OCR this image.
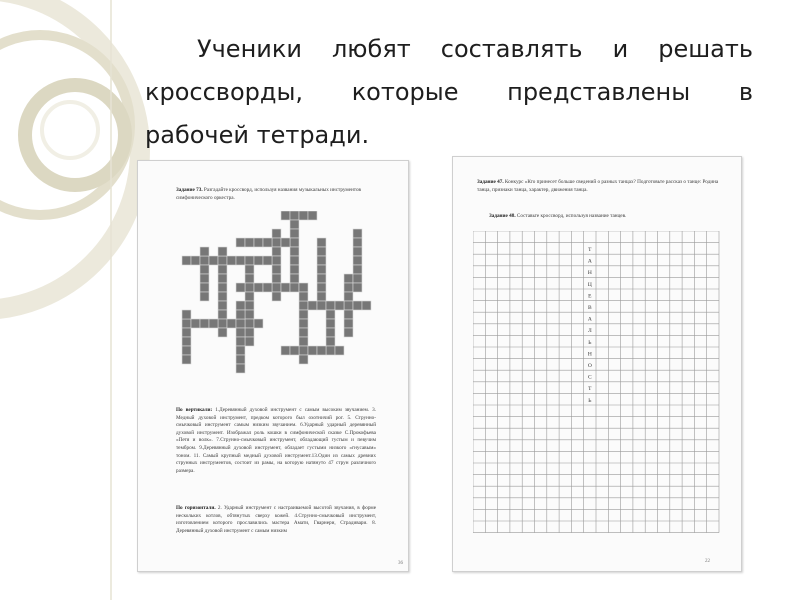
Ученики любят составлять и решать
кроссворды, которые представлены в
рабочей тетради.
Задание 73. Разгадайте кроссворд, используя названия музыкальных инструментов симфонического оркестра.
По вертикали: 1.Деревянный духовой инструмент с самым высоким звучанием. 3. Медный духовой инструмент, предком которого был охотничий рог. 5. Струнно-смычковый инструмент самым низким звучанием. 6.Ударный ударный деревянный духовой инструмент. Изображал роль кошки в симфонической сказке С.Прокофьева «Петя и волк». 7.Струнно-смычковый инструмент, обладающий густым и певучим тембром. 9.Деревянный духовой инструмент, обладает густыми низкого «гнусавым» тоном. 11. Самый крупный медный духовой инструмент.13.Один из самых древних струнных инструментов, состоит из рамы, на которую натянуто 47 струн различного размера.
По горизонтали. 2. Ударный инструмент с настраиваемой высотой звучания, в форме нескольких котлов, обтянутых сверху кожей. 4.Струнно-смычковый инструмент, изготовлением которого прославились мастера Амати, Гварнери, Страдивари. 8. Деревянный духовой инструмент с самым низким
36
Задание 47. Конкурс «Кто принесет больше сведений о разных танцах? Подготовьте рассказ о танце: Родина танца, признаки танца, характер, движения танца.
Задание 48. Составьте кроссворд, используя название танцев.
Т
А
Н
Ц
Е
В
А
Л
Ь
Н
О
С
Т
Ь
22
